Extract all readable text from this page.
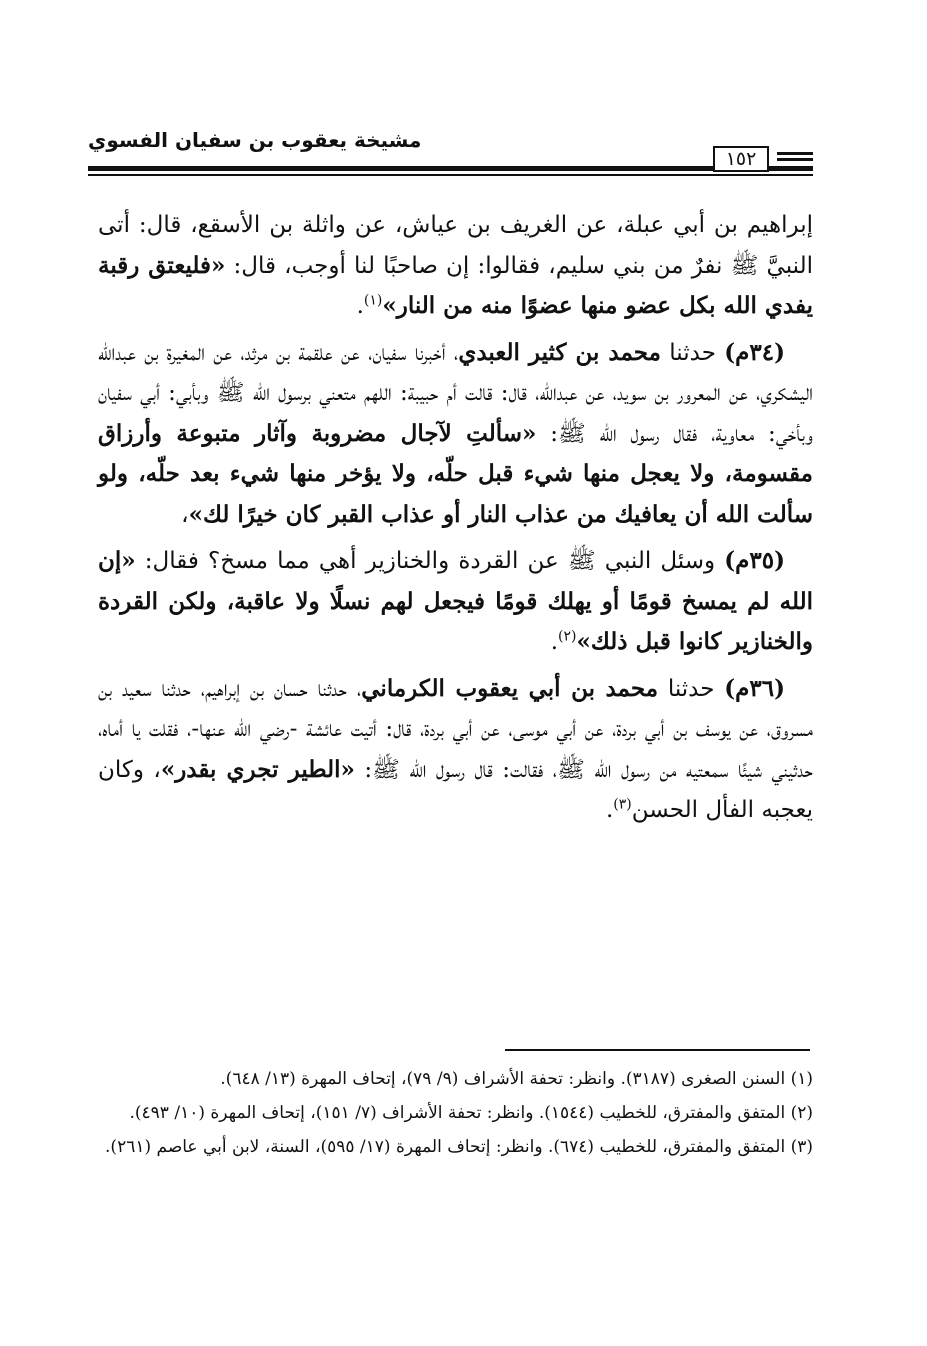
مشيخة يعقوب بن سفيان الفسوي
١٥٢

إبراهيم بن أبي عبلة، عن الغريف بن عياش، عن واثلة بن الأسقع، قال: أتى النبيَّ ﷺ نفرٌ من بني سليم، فقالوا: إن صاحبًا لنا أوجب، قال: «فليعتق رقبة يفدي الله بكل عضو منها عضوًا منه من النار»$^{(١)}$.

(٣٤م) حدثنا محمد بن كثير العبدي، أخبرنا سفيان، عن علقمة بن مرثد، عن المغيرة بن عبدالله اليشكري، عن المعرور بن سويد، عن عبدالله، قال: قالت أم حبيبة: اللهم متعني برسول الله ﷺ وبأبي: أبي سفيان وبأخي: معاوية، فقال رسول الله ﷺ: «سألتِ لآجال مضروبة وآثار متبوعة وأرزاق مقسومة، ولا يعجل منها شيء قبل حلّه، ولا يؤخر منها شيء بعد حلّه، ولو سألت الله أن يعافيك من عذاب النار أو عذاب القبر كان خيرًا لك»،

(٣٥م) وسئل النبي ﷺ عن القردة والخنازير أهي مما مسخ؟ فقال: «إن الله لم يمسخ قومًا أو يهلك قومًا فيجعل لهم نسلًا ولا عاقبة، ولكن القردة والخنازير كانوا قبل ذلك»$^{(٢)}$.

(٣٦م) حدثنا محمد بن أبي يعقوب الكرماني، حدثنا حسان بن إبراهيم، حدثنا سعيد بن مسروق، عن يوسف بن أبي بردة، عن أبي موسى، عن أبي بردة، قال: أتيت عائشة -رضي الله عنها-، فقلت يا أماه، حدثيني شيئًا سمعتيه من رسول الله ﷺ، فقالت: قال رسول الله ﷺ: «الطير تجري بقدر»، وكان يعجبه الفأل الحسن$^{(٣)}$.

(١) السنن الصغرى (٣١٨٧). وانظر: تحفة الأشراف (٩/ ٧٩)، إتحاف المهرة (١٣/ ٦٤٨).

(٢) المتفق والمفترق، للخطيب (١٥٤٤). وانظر: تحفة الأشراف (٧/ ١٥١)، إتحاف المهرة (١٠/ ٤٩٣).

(٣) المتفق والمفترق، للخطيب (٦٧٤). وانظر: إتحاف المهرة (١٧/ ٥٩٥)، السنة، لابن أبي عاصم (٢٦١).
